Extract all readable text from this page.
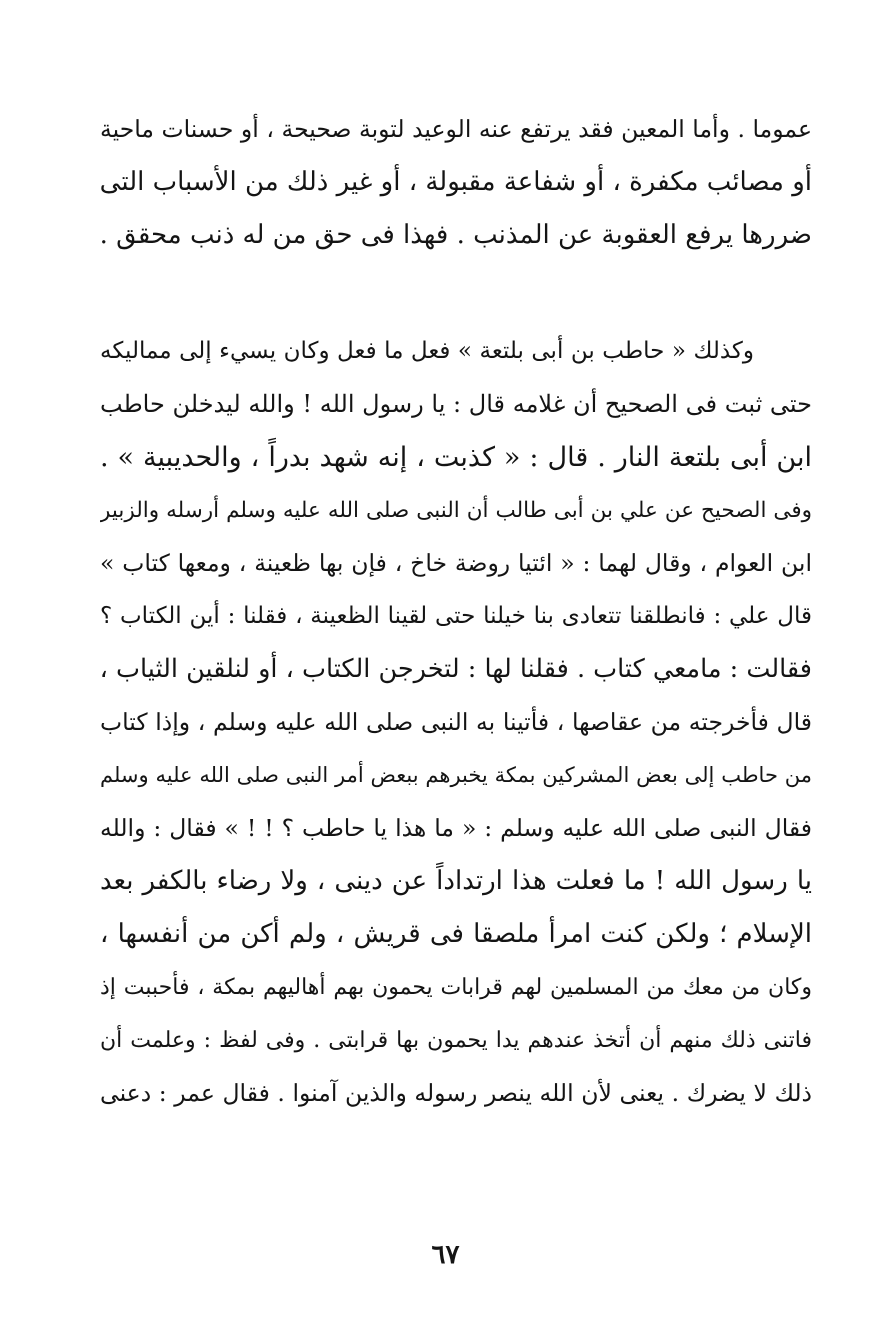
عموما . وأما المعين فقد يرتفع عنه الوعيد لتوبة صحيحة ، أو حسنات ماحية
أو مصائب مكفرة ، أو شفاعة مقبولة ، أو غير ذلك من الأسباب التى
ضررها يرفع العقوبة عن المذنب . فهذا فى حق من له ذنب محقق .
وكذلك « حاطب بن أبى بلتعة » فعل ما فعل وكان يسيء إلى مماليكه
حتى ثبت فى الصحيح أن غلامه قال : يا رسول الله ! والله ليدخلن حاطب
ابن أبى بلتعة النار . قال : « كذبت ، إنه شهد بدراً ، والحديبية » .
وفى الصحيح عن علي بن أبى طالب أن النبى صلى الله عليه وسلم أرسله والزبير
ابن العوام ، وقال لهما : « ائتيا روضة خاخ ، فإن بها ظعينة ، ومعها كتاب »
قال علي : فانطلقنا تتعادى بنا خيلنا حتى لقينا الظعينة ، فقلنا : أين الكتاب ؟
فقالت : مامعي كتاب . فقلنا لها : لتخرجن الكتاب ، أو لنلقين الثياب ،
قال فأخرجته من عقاصها ، فأتينا به النبى صلى الله عليه وسلم ، وإذا كتاب
من حاطب إلى بعض المشركين بمكة يخبرهم ببعض أمر النبى صلى الله عليه وسلم
فقال النبى صلى الله عليه وسلم : « ما هذا يا حاطب ؟ ! ! » فقال : والله
يا رسول الله ! ما فعلت هذا ارتداداً عن دينى ، ولا رضاء بالكفر بعد
الإسلام ؛ ولكن كنت امرأ ملصقا فى قريش ، ولم أكن من أنفسها ،
وكان من معك من المسلمين لهم قرابات يحمون بهم أهاليهم بمكة ، فأحببت إذ
فاتنى ذلك منهم أن أتخذ عندهم يدا يحمون بها قرابتى . وفى لفظ : وعلمت أن
ذلك لا يضرك . يعنى لأن الله ينصر رسوله والذين آمنوا . فقال عمر : دعنى
٦٧
